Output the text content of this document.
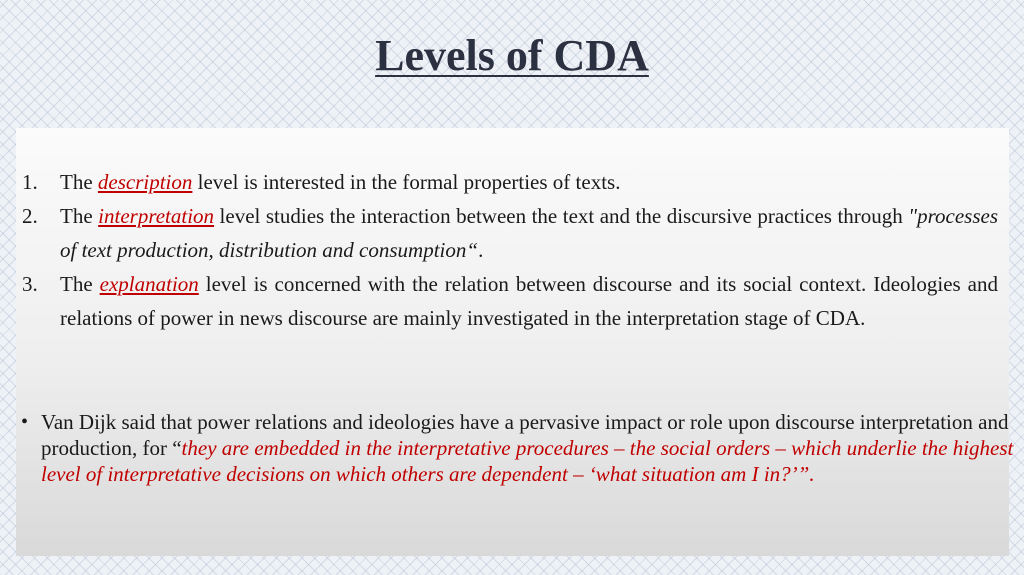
Levels of CDA
1. The description level is interested in the formal properties of texts.
2. The interpretation level studies the interaction between the text and the discursive practices through "processes of text production, distribution and consumption“.
3. The explanation level is concerned with the relation between discourse and its social context. Ideologies and relations of power in news discourse are mainly investigated in the interpretation stage of CDA.
• Van Dijk said that power relations and ideologies have a pervasive impact or role upon discourse interpretation and production, for “they are embedded in the interpretative procedures – the social orders – which underlie the highest level of interpretative decisions on which others are dependent – ‘what situation am I in?’”.
